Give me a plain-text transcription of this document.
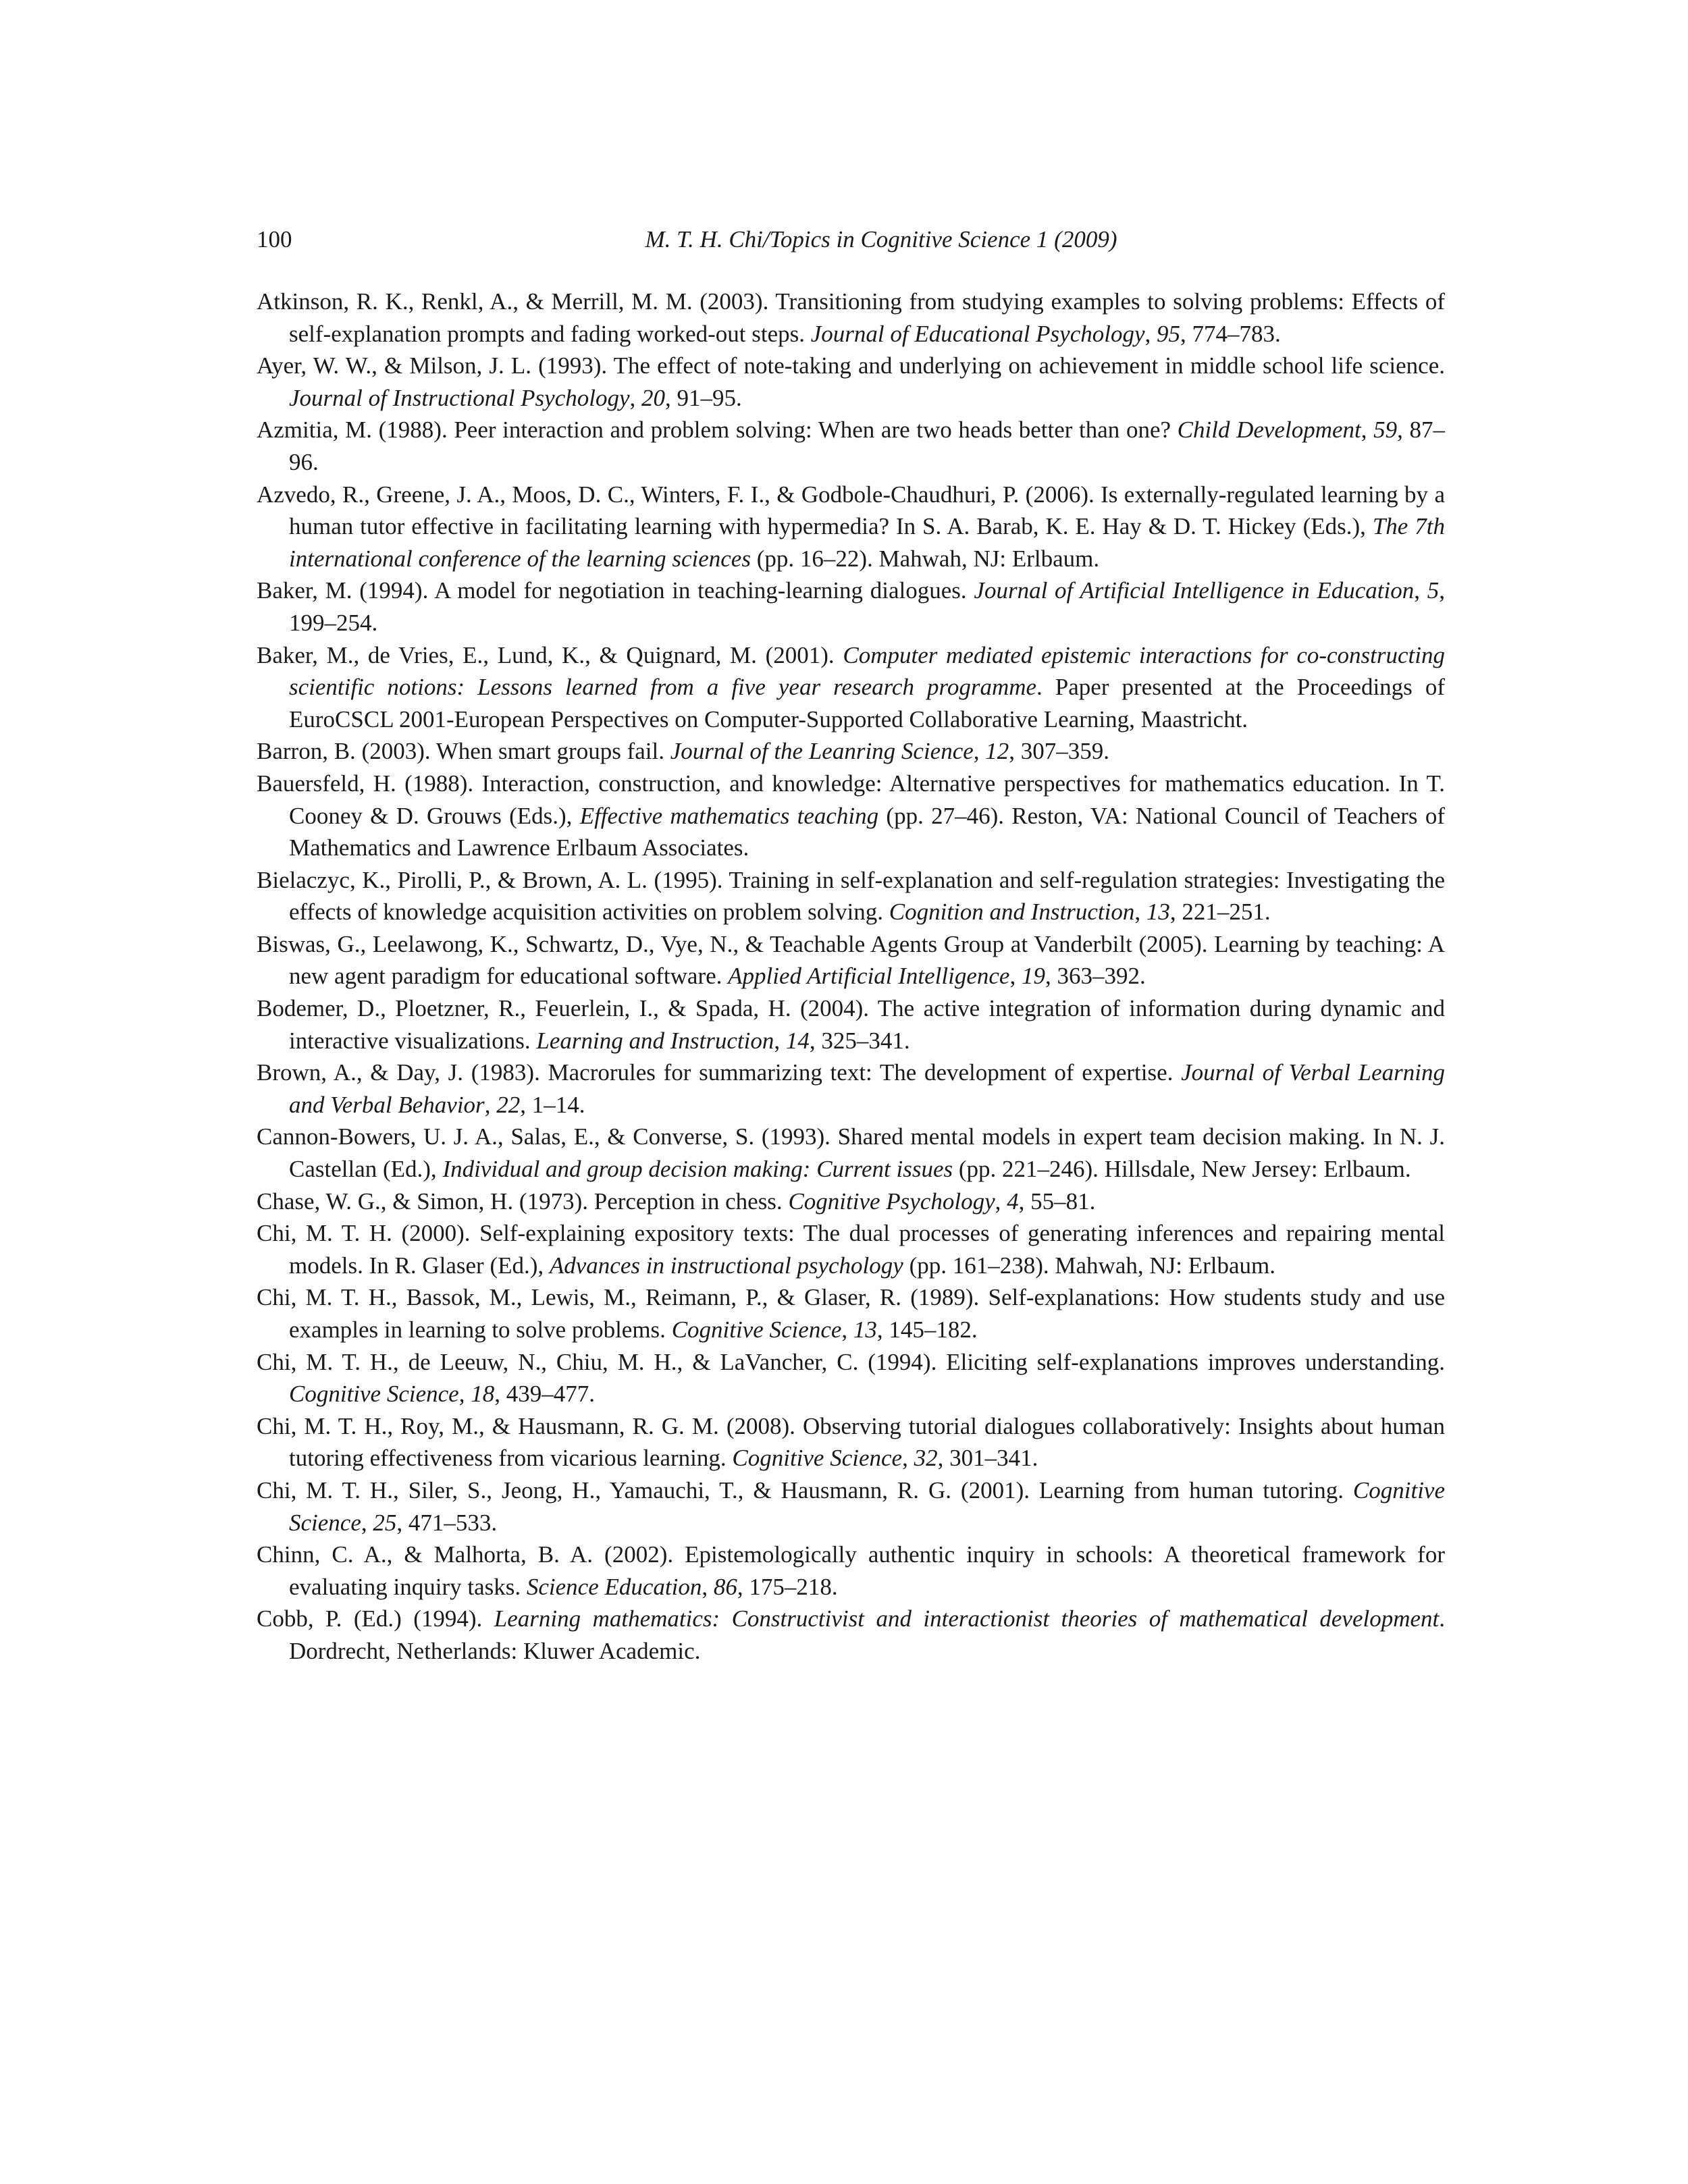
100	M. T. H. Chi/Topics in Cognitive Science 1 (2009)

Atkinson, R. K., Renkl, A., & Merrill, M. M. (2003). Transitioning from studying examples to solving problems: Effects of self-explanation prompts and fading worked-out steps. Journal of Educational Psychology, 95, 774–783.

Ayer, W. W., & Milson, J. L. (1993). The effect of note-taking and underlying on achievement in middle school life science. Journal of Instructional Psychology, 20, 91–95.

Azmitia, M. (1988). Peer interaction and problem solving: When are two heads better than one? Child Development, 59, 87–96.

Azvedo, R., Greene, J. A., Moos, D. C., Winters, F. I., & Godbole-Chaudhuri, P. (2006). Is externally-regulated learning by a human tutor effective in facilitating learning with hypermedia? In S. A. Barab, K. E. Hay & D. T. Hickey (Eds.), The 7th international conference of the learning sciences (pp. 16–22). Mahwah, NJ: Erlbaum.

Baker, M. (1994). A model for negotiation in teaching-learning dialogues. Journal of Artificial Intelligence in Education, 5, 199–254.

Baker, M., de Vries, E., Lund, K., & Quignard, M. (2001). Computer mediated epistemic interactions for co-constructing scientific notions: Lessons learned from a five year research programme. Paper presented at the Proceedings of EuroCSCL 2001-European Perspectives on Computer-Supported Collaborative Learning, Maastricht.

Barron, B. (2003). When smart groups fail. Journal of the Leanring Science, 12, 307–359.

Bauersfeld, H. (1988). Interaction, construction, and knowledge: Alternative perspectives for mathematics education. In T. Cooney & D. Grouws (Eds.), Effective mathematics teaching (pp. 27–46). Reston, VA: National Council of Teachers of Mathematics and Lawrence Erlbaum Associates.

Bielaczyc, K., Pirolli, P., & Brown, A. L. (1995). Training in self-explanation and self-regulation strategies: Investigating the effects of knowledge acquisition activities on problem solving. Cognition and Instruction, 13, 221–251.

Biswas, G., Leelawong, K., Schwartz, D., Vye, N., & Teachable Agents Group at Vanderbilt (2005). Learning by teaching: A new agent paradigm for educational software. Applied Artificial Intelligence, 19, 363–392.

Bodemer, D., Ploetzner, R., Feuerlein, I., & Spada, H. (2004). The active integration of information during dynamic and interactive visualizations. Learning and Instruction, 14, 325–341.

Brown, A., & Day, J. (1983). Macrorules for summarizing text: The development of expertise. Journal of Verbal Learning and Verbal Behavior, 22, 1–14.

Cannon-Bowers, U. J. A., Salas, E., & Converse, S. (1993). Shared mental models in expert team decision making. In N. J. Castellan (Ed.), Individual and group decision making: Current issues (pp. 221–246). Hillsdale, New Jersey: Erlbaum.

Chase, W. G., & Simon, H. (1973). Perception in chess. Cognitive Psychology, 4, 55–81.

Chi, M. T. H. (2000). Self-explaining expository texts: The dual processes of generating inferences and repairing mental models. In R. Glaser (Ed.), Advances in instructional psychology (pp. 161–238). Mahwah, NJ: Erlbaum.

Chi, M. T. H., Bassok, M., Lewis, M., Reimann, P., & Glaser, R. (1989). Self-explanations: How students study and use examples in learning to solve problems. Cognitive Science, 13, 145–182.

Chi, M. T. H., de Leeuw, N., Chiu, M. H., & LaVancher, C. (1994). Eliciting self-explanations improves understanding. Cognitive Science, 18, 439–477.

Chi, M. T. H., Roy, M., & Hausmann, R. G. M. (2008). Observing tutorial dialogues collaboratively: Insights about human tutoring effectiveness from vicarious learning. Cognitive Science, 32, 301–341.

Chi, M. T. H., Siler, S., Jeong, H., Yamauchi, T., & Hausmann, R. G. (2001). Learning from human tutoring. Cognitive Science, 25, 471–533.

Chinn, C. A., & Malhorta, B. A. (2002). Epistemologically authentic inquiry in schools: A theoretical framework for evaluating inquiry tasks. Science Education, 86, 175–218.

Cobb, P. (Ed.) (1994). Learning mathematics: Constructivist and interactionist theories of mathematical development. Dordrecht, Netherlands: Kluwer Academic.
